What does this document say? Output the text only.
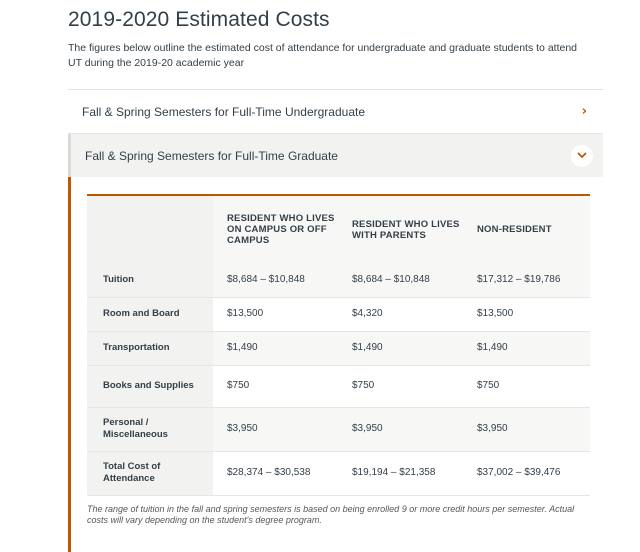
2019-2020 Estimated Costs

The figures below outline the estimated cost of attendance for undergraduate and graduate students to attend UT during the 2019-20 academic year

Fall & Spring Semesters for Full-Time Undergraduate	›
Fall & Spring Semesters for Full-Time Graduate
	RESIDENT WHO LIVES ON CAMPUS OR OFF CAMPUS	RESIDENT WHO LIVES WITH PARENTS	NON-RESIDENT
Tuition	$8,684 – $10,848	$8,684 – $10,848	$17,312 – $19,786
Room and Board	$13,500	$4,320	$13,500
Transportation	$1,490	$1,490	$1,490
Books and Supplies	$750	$750	$750
Personal / Miscellaneous	$3,950	$3,950	$3,950
Total Cost of Attendance	$28,374 – $30,538	$19,194 – $21,358	$37,002 – $39,476

The range of tuition in the fall and spring semesters is based on being enrolled 9 or more credit hours per semester. Actual costs will vary depending on the student's degree program.
